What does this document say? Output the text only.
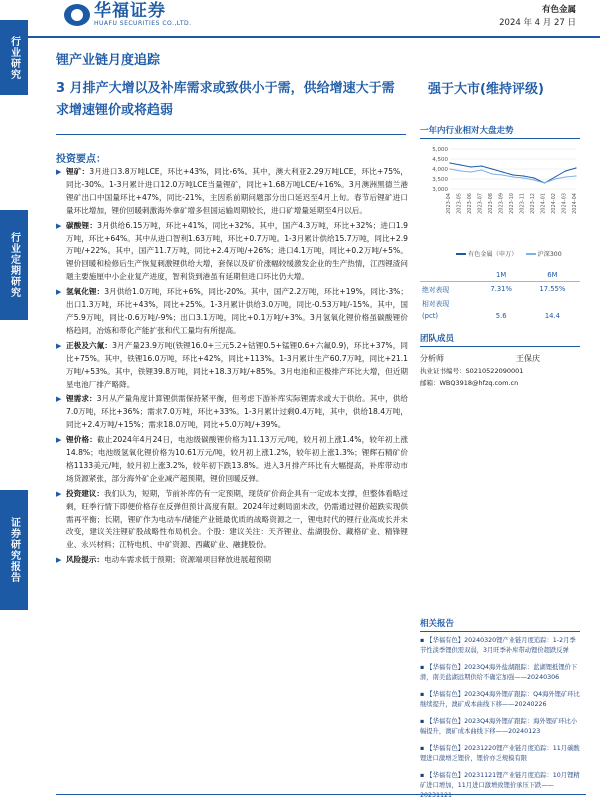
行业研究
行业定期研究
证券研究报告
华福证券
HUAFU SECURITIES CO.,LTD.
有色金属
2024 年 4 月 27 日
锂产业链月度追踪
3 月排产大增以及补库需求或致供小于需，供给增速大于需求增速锂价或将趋弱
强于大市(维持评级)
投资要点：

▶ 锂矿：3月进口3.8万吨LCE，环比+43%，同比-6%。其中，澳大利亚2.29万吨LCE，环比+75%，同比-30%。1-3月累计进口12.0万吨LCE当量锂矿，同比+1.68万吨LCE/+16%。3月澳洲黑德兰港锂矿出口中国量环比+47%，同比-21%，主因系前期问题部分出口延迟至4月上旬。春节后锂矿进口量环比增加，锂价回暖刺激海外拿矿增多但国运输周期较长，进口矿增量延期至4月以后。

▶ 碳酸锂：3月供给6.15万吨，环比+41%，同比+32%。其中，国产4.3万吨，环比+32%；进口1.9万吨，环比+64%。其中从进口智利1.63万吨，环比+0.7万吨。1-3月累计供给15.7万吨，同比+2.9万吨/+22%。其中，国产11.7万吨，同比+2.4万吨/+26%；进口4.1万吨，同比+0.2万吨/+5%。锂价回暖和检修后生产恢复刺激锂供给大增，套保以及矿价涨幅较缓激发企业的生产热情，江西锂渣问题主要施厘中小企业复产进度，智利货到港虽有延期但进口环比仍大增。

▶ 氢氧化锂：3月供给1.0万吨，环比+6%，同比-20%。其中，国产2.2万吨，环比+19%，同比-3%；出口1.3万吨，环比+43%，同比+25%。1-3月累计供给3.0万吨，同比-0.53万吨/-15%。其中，国产5.9万吨，同比-0.6万吨/-9%；出口3.1万吨，同比+0.1万吨/+3%。3月氢氧化锂价格虽碳酸锂价格趋同，冶炼和带化产能扩张和代工量均有所提高。

▶ 正极及六氟：3月产量23.9万吨(铁锂16.0+三元5.2+钴锂0.5+锰锂0.6+六氟0.9)，环比+37%，同比+75%。其中，铁锂16.0万吨，环比+42%，同比+113%。1-3月累计生产60.7万吨，同比+21.1万吨/+53%。其中，铁锂39.8万吨，同比+18.3万吨/+85%。3月电池和正极排产环比大增，但近期星电池厂排产略降。

▶ 锂需求：3月从产量角度计算锂供需保持紧平衡，但考虑下游补库实际锂需求或大于供给。其中，供给7.0万吨，环比+36%；需求7.0万吨，环比+33%。1-3月累计过剩0.4万吨，其中，供给18.4万吨，同比+2.4万吨/+15%；需求18.0万吨，同比+5.0万吨/+39%。

▶ 锂价格：截止2024年4月24日，电池级碳酸锂价格为11.13万元/吨，较月初上涨1.4%，较年初上涨14.8%；电池级氢氧化锂价格为10.61万元/吨，较月初上涨1.2%，较年初上涨1.3%；锂辉石精矿价格1133美元/吨，较月初上涨3.2%，较年初下跌13.8%。进入3月排产环比有大幅提高，补库带动市场货源紧张，部分海外矿企业减产超预期，锂价回暖反弹。

▶ 投资建议：我们认为，短期，节前补库仍有一定预期，现货矿价商企具有一定成本支撑，但整体看略过剩，旺季行情下即便价格存在反弹但预计高度有限。2024年过剩局面未改，仍需通过锂价超跌实现供需再平衡；长期，锂矿作为电动车/储能产业链最优质的战略资源之一，锂电时代的锂行业高成长并未改变，建议关注锂矿股战略性布局机会。个股：建议关注：天齐锂业、盐湖股份、藏格矿业、精锋锂业、永兴材料；江特电机、中矿资源、西藏矿业、融捷股份。

▶ 风险提示：电动车需求低于预期；资源端项目释放进展超预期

一年内行业相对大盘走势
5,000
4,500
4,000
3,500
3,000
2023-04 2023-05 2023-06 2023-07 2023-08 2023-09 2023-10 2023-11 2023-12 2024-01 2024-02 2024-03 2024-04
有色金属（申万）	沪深300
	1M	6M
绝对表现	7.31%	17.55%
相对表现		
(pct)	5.6	14.4
团队成员
分析师	王保庆
执业证书编号：S0210522090001
邮箱：WBQ3918@hfzq.com.cn
相关报告
▪ 【华福有色】20240320锂产业链月度追踪：1-2月季节性淡季锂供需双弱，3月旺季补库带动锂价超跌反弹
▪ 【华福有色】2023Q4海外盐湖跟踪：蓝湖锂抵锂价下滑，南美盐湖远期供给不确定加强——20240306
▪ 【华福有色】2023Q4海外锂矿跟踪：Q4海外锂矿环比继续提升，澳矿成本曲线下移——20240226
▪ 【华福有色】2023Q4海外锂矿跟踪：海外锂矿环比小幅提升，澳矿成本曲线下移——20240123
▪ 【华福有色】20231220锂产业链月度追踪：11月碳酸锂进口激增乏锂价，锂价亦乏规模有限
▪ 【华福有色】20231121锂产业链月度追踪：10月锂精矿进口增加，11月进口激增致锂价承压下跌——20231121
